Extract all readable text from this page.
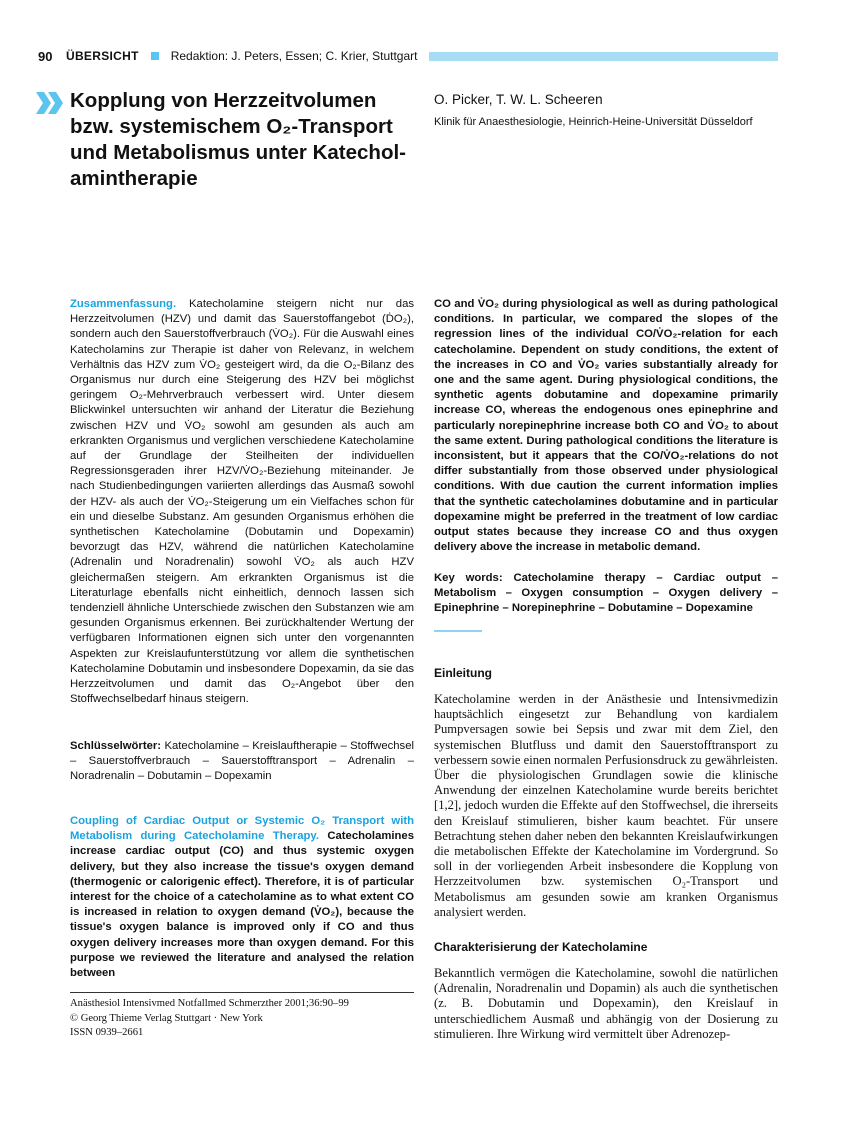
90	ÜBERSICHT	Redaktion: J. Peters, Essen; C. Krier, Stuttgart
Kopplung von Herzzeitvolumen
bzw. systemischem O₂-Transport
und Metabolismus unter Katechol-
amintherapie
O. Picker, T. W. L. Scheeren
Klinik für Anaesthesiologie, Heinrich-Heine-Universität Düsseldorf

Zusammenfassung. Katecholamine steigern nicht nur das Herzzeitvolumen (HZV) und damit das Sauerstoffangebot (ḊO₂), sondern auch den Sauerstoffverbrauch (V̇O₂). Für die Auswahl eines Katecholamins zur Therapie ist daher von Relevanz, in welchem Verhältnis das HZV zum V̇O₂ gesteigert wird, da die O₂-Bilanz des Organismus nur durch eine Steigerung des HZV bei möglichst geringem O₂-Mehrverbrauch verbessert wird. Unter diesem Blickwinkel untersuchten wir anhand der Literatur die Beziehung zwischen HZV und V̇O₂ sowohl am gesunden als auch am erkrankten Organismus und verglichen verschiedene Katecholamine auf der Grundlage der Steilheiten der individuellen Regressionsgeraden ihrer HZV/V̇O₂-Beziehung miteinander. Je nach Studienbedingungen variierten allerdings das Ausmaß sowohl der HZV- als auch der V̇O₂-Steigerung um ein Vielfaches schon für ein und dieselbe Substanz. Am gesunden Organismus erhöhen die synthetischen Katecholamine (Dobutamin und Dopexamin) bevorzugt das HZV, während die natürlichen Katecholamine (Adrenalin und Noradrenalin) sowohl V̇O₂ als auch HZV gleichermaßen steigern. Am erkrankten Organismus ist die Literaturlage ebenfalls nicht einheitlich, dennoch lassen sich tendenziell ähnliche Unterschiede zwischen den Substanzen wie am gesunden Organismus erkennen. Bei zurückhaltender Wertung der verfügbaren Informationen eignen sich unter den vorgenannten Aspekten zur Kreislaufunterstützung vor allem die synthetischen Katecholamine Dobutamin und insbesondere Dopexamin, da sie das Herzzeitvolumen und damit das O₂-Angebot über den Stoffwechselbedarf hinaus steigern.

Schlüsselwörter: Katecholamine – Kreislauftherapie – Stoffwechsel – Sauerstoffverbrauch – Sauerstofftransport – Adrenalin – Noradrenalin – Dobutamin – Dopexamin

Coupling of Cardiac Output or Systemic O₂ Transport with Metabolism during Catecholamine Therapy. Catecholamines increase cardiac output (CO) and thus systemic oxygen delivery, but they also increase the tissue's oxygen demand (thermogenic or calorigenic effect). Therefore, it is of particular interest for the choice of a catecholamine as to what extent CO is increased in relation to oxygen demand (V̇O₂), because the tissue's oxygen balance is improved only if CO and thus oxygen delivery increases more than oxygen demand. For this purpose we reviewed the literature and analysed the relation between

CO and V̇O₂ during physiological as well as during pathological conditions. In particular, we compared the slopes of the regression lines of the individual CO/V̇O₂-relation for each catecholamine. Dependent on study conditions, the extent of the increases in CO and V̇O₂ varies substantially already for one and the same agent. During physiological conditions, the synthetic agents dobutamine and dopexamine primarily increase CO, whereas the endogenous ones epinephrine and particularly norepinephrine increase both CO and V̇O₂ to about the same extent. During pathological conditions the literature is inconsistent, but it appears that the CO/V̇O₂-relations do not differ substantially from those observed under physiological conditions. With due caution the current information implies that the synthetic catecholamines dobutamine and in particular dopexamine might be preferred in the treatment of low cardiac output states because they increase CO and thus oxygen delivery above the increase in metabolic demand.

Key words: Catecholamine therapy – Cardiac output – Metabolism – Oxygen consumption – Oxygen delivery – Epinephrine – Norepinephrine – Dobutamine – Dopexamine

Einleitung

Katecholamine werden in der Anästhesie und Intensivmedizin hauptsächlich eingesetzt zur Behandlung von kardialem Pumpversagen sowie bei Sepsis und zwar mit dem Ziel, den systemischen Blutfluss und damit den Sauerstofftransport zu verbessern sowie einen normalen Perfusionsdruck zu gewährleisten. Über die physiologischen Grundlagen sowie die klinische Anwendung der einzelnen Katecholamine wurde bereits berichtet [1,2], jedoch wurden die Effekte auf den Stoffwechsel, die ihrerseits den Kreislauf stimulieren, bisher kaum beachtet. Für unsere Betrachtung stehen daher neben den bekannten Kreislaufwirkungen die metabolischen Effekte der Katecholamine im Vordergrund. So soll in der vorliegenden Arbeit insbesondere die Kopplung von Herzzeitvolumen bzw. systemischen O₂-Transport und Metabolismus am gesunden sowie am kranken Organismus analysiert werden.

Charakterisierung der Katecholamine

Bekanntlich vermögen die Katecholamine, sowohl die natürlichen (Adrenalin, Noradrenalin und Dopamin) als auch die synthetischen (z. B. Dobutamin und Dopexamin), den Kreislauf in unterschiedlichem Ausmaß und abhängig von der Dosierung zu stimulieren. Ihre Wirkung wird vermittelt über Adrenozep-

Anästhesiol Intensivmed Notfallmed Schmerzther 2001;36:90–99
© Georg Thieme Verlag Stuttgart · New York
ISSN 0939–2661
